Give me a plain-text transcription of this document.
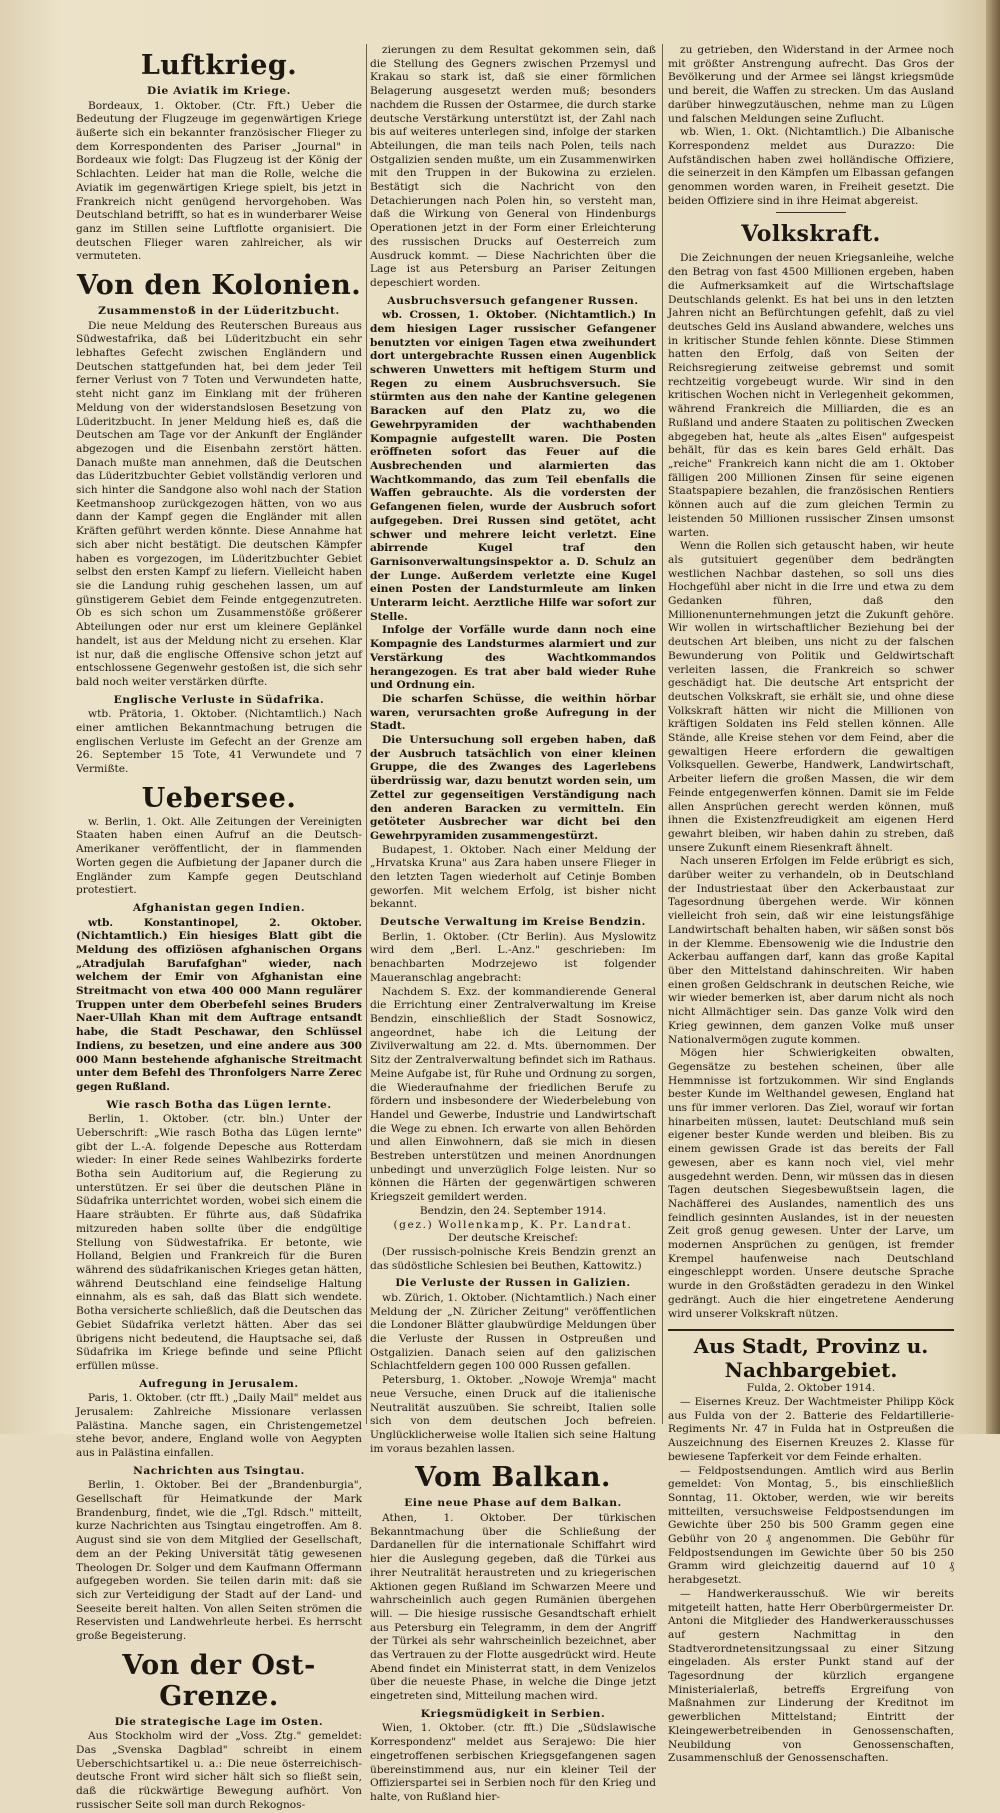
Luftkrieg.
Die Aviatik im Kriege.

Bordeaux, 1. Oktober. (Ctr. Fft.) Ueber die Bedeutung der Flugzeuge im gegenwärtigen Kriege äußerte sich ein bekannter französischer Flieger zu dem Korrespondenten des Pariser „Journal" in Bordeaux wie folgt: Das Flugzeug ist der König der Schlachten. Leider hat man die Rolle, welche die Aviatik im gegenwärtigen Kriege spielt, bis jetzt in Frankreich nicht genügend hervorgehoben. Was Deutschland betrifft, so hat es in wunderbarer Weise ganz im Stillen seine Luftflotte organisiert. Die deutschen Flieger waren zahlreicher, als wir vermuteten.

Von den Kolonien.
Zusammenstoß in der Lüderitzbucht.

Die neue Meldung des Reuterschen Bureaus aus Südwestafrika, daß bei Lüderitzbucht ein sehr lebhaftes Gefecht zwischen Engländern und Deutschen stattgefunden hat, bei dem jeder Teil ferner Verlust von 7 Toten und Verwundeten hatte, steht nicht ganz im Einklang mit der früheren Meldung von der widerstandslosen Besetzung von Lüderitzbucht. In jener Meldung hieß es, daß die Deutschen am Tage vor der Ankunft der Engländer abgezogen und die Eisenbahn zerstört hätten. Danach mußte man annehmen, daß die Deutschen das Lüderitzbuchter Gebiet vollständig verloren und sich hinter die Sandgone also wohl nach der Station Keetmanshoop zurückgezogen hätten, von wo aus dann der Kampf gegen die Engländer mit allen Kräften geführt werden könnte. Diese Annahme hat sich aber nicht bestätigt. Die deutschen Kämpfer haben es vorgezogen, im Lüderitzbuchter Gebiet selbst den ersten Kampf zu liefern. Vielleicht haben sie die Landung ruhig geschehen lassen, um auf günstigerem Gebiet dem Feinde entgegenzutreten. Ob es sich schon um Zusammenstöße größerer Abteilungen oder nur erst um kleinere Geplänkel handelt, ist aus der Meldung nicht zu ersehen. Klar ist nur, daß die englische Offensive schon jetzt auf entschlossene Gegenwehr gestoßen ist, die sich sehr bald noch weiter verstärken dürfte.

Englische Verluste in Südafrika.

wtb. Prätoria, 1. Oktober. (Nichtamtlich.) Nach einer amtlichen Bekanntmachung betrugen die englischen Verluste im Gefecht an der Grenze am 26. September 15 Tote, 41 Verwundete und 7 Vermißte.

Uebersee.

w. Berlin, 1. Okt. Alle Zeitungen der Vereinigten Staaten haben einen Aufruf an die Deutsch-Amerikaner veröffentlicht, der in flammenden Worten gegen die Aufbietung der Japaner durch die Engländer zum Kampfe gegen Deutschland protestiert.

Afghanistan gegen Indien.

wtb. Konstantinopel, 2. Oktober. (Nichtamtlich.) Ein hiesiges Blatt gibt die Meldung des offiziösen afghanischen Organs „Atradjulah Barufafghan" wieder, nach welchem der Emir von Afghanistan eine Streitmacht von etwa 400 000 Mann regulärer Truppen unter dem Oberbefehl seines Bruders Naer-Ullah Khan mit dem Auftrage entsandt habe, die Stadt Peschawar, den Schlüssel Indiens, zu besetzen, und eine andere aus 300 000 Mann bestehende afghanische Streitmacht unter dem Befehl des Thronfolgers Narre Zerec gegen Rußland.

Wie rasch Botha das Lügen lernte.

Berlin, 1. Oktober. (ctr. bln.) Unter der Ueberschrift: „Wie rasch Botha das Lügen lernte" gibt der L.-A. folgende Depesche aus Rotterdam wieder: In einer Rede seines Wahlbezirks forderte Botha sein Auditorium auf, die Regierung zu unterstützen. Er sei über die deutschen Pläne in Südafrika unterrichtet worden, wobei sich einem die Haare sträubten. Er führte aus, daß Südafrika mitzureden haben sollte über die endgültige Stellung von Südwestafrika. Er betonte, wie Holland, Belgien und Frankreich für die Buren während des südafrikanischen Krieges getan hätten, während Deutschland eine feindselige Haltung einnahm, als es sah, daß das Blatt sich wendete. Botha versicherte schließlich, daß die Deutschen das Gebiet Südafrika verletzt hätten. Aber das sei übrigens nicht bedeutend, die Hauptsache sei, daß Südafrika im Kriege befinde und seine Pflicht erfüllen müsse.

Aufregung in Jerusalem.

Paris, 1. Oktober. (ctr fft.) „Daily Mail" meldet aus Jerusalem: Zahlreiche Missionare verlassen Palästina. Manche sagen, ein Christengemetzel stehe bevor, andere, England wolle von Aegypten aus in Palästina einfallen.

Nachrichten aus Tsingtau.

Berlin, 1. Oktober. Bei der „Brandenburgia", Gesellschaft für Heimatkunde der Mark Brandenburg, findet, wie die „Tgl. Rdsch." mitteilt, kurze Nachrichten aus Tsingtau eingetroffen. Am 8. August sind sie von dem Mitglied der Gesellschaft, dem an der Peking Universität tätig gewesenen Theologen Dr. Solger und dem Kaufmann Offermann aufgegeben worden. Sie teilen darin mit: daß sie sich zur Verteidigung der Stadt auf der Land- und Seeseite bereit halten. Von allen Seiten strömen die Reservisten und Landwehrleute herbei. Es herrscht große Begeisterung.

Von der Ost-Grenze.
Die strategische Lage im Osten.

Aus Stockholm wird der „Voss. Ztg." gemeldet: Das „Svenska Dagblad" schreibt in einem Ueberschichtsartikel u. a.: Die neue österreichisch-deutsche Front wird sicher hält sich so fließt sein, daß die rückwärtige Bewegung aufhört. Von russischer Seite soll man durch Rekognos-

zierungen zu dem Resultat gekommen sein, daß die Stellung des Gegners zwischen Przemysl und Krakau so stark ist, daß sie einer förmlichen Belagerung ausgesetzt werden muß; besonders nachdem die Russen der Ostarmee, die durch starke deutsche Verstärkung unterstützt ist, der Zahl nach bis auf weiteres unterlegen sind, infolge der starken Abteilungen, die man teils nach Polen, teils nach Ostgalizien senden mußte, um ein Zusammenwirken mit den Truppen in der Bukowina zu erzielen. Bestätigt sich die Nachricht von den Detachierungen nach Polen hin, so versteht man, daß die Wirkung von General von Hindenburgs Operationen jetzt in der Form einer Erleichterung des russischen Drucks auf Oesterreich zum Ausdruck kommt. — Diese Nachrichten über die Lage ist aus Petersburg an Pariser Zeitungen depeschiert worden.

Ausbruchsversuch gefangener Russen.

wb. Crossen, 1. Oktober. (Nichtamtlich.) In dem hiesigen Lager russischer Gefangener benutzten vor einigen Tagen etwa zweihundert dort untergebrachte Russen einen Augenblick schweren Unwetters mit heftigem Sturm und Regen zu einem Ausbruchsversuch. Sie stürmten aus den nahe der Kantine gelegenen Baracken auf den Platz zu, wo die Gewehrpyramiden der wachthabenden Kompagnie aufgestellt waren. Die Posten eröffneten sofort das Feuer auf die Ausbrechenden und alarmierten das Wachtkommando, das zum Teil ebenfalls die Waffen gebrauchte. Als die vordersten der Gefangenen fielen, wurde der Ausbruch sofort aufgegeben. Drei Russen sind getötet, acht schwer und mehrere leicht verletzt. Eine abirrende Kugel traf den Garnisonverwaltungsinspektor a. D. Schulz an der Lunge. Außerdem verletzte eine Kugel einen Posten der Landsturmleute am linken Unterarm leicht. Aerztliche Hilfe war sofort zur Stelle.

Infolge der Vorfälle wurde dann noch eine Kompagnie des Landsturmes alarmiert und zur Verstärkung des Wachtkommandos herangezogen. Es trat aber bald wieder Ruhe und Ordnung ein.

Die scharfen Schüsse, die weithin hörbar waren, verursachten große Aufregung in der Stadt.

Die Untersuchung soll ergeben haben, daß der Ausbruch tatsächlich von einer kleinen Gruppe, die des Zwanges des Lagerlebens überdrüssig war, dazu benutzt worden sein, um Zettel zur gegenseitigen Verständigung nach den anderen Baracken zu vermitteln. Ein getöteter Ausbrecher war dicht bei den Gewehrpyramiden zusammengestürzt.

Budapest, 1. Oktober. Nach einer Meldung der „Hrvatska Kruna" aus Zara haben unsere Flieger in den letzten Tagen wiederholt auf Cetinje Bomben geworfen. Mit welchem Erfolg, ist bisher nicht bekannt.

Deutsche Verwaltung im Kreise Bendzin.

Berlin, 1. Oktober. (Ctr Berlin). Aus Myslowitz wird dem „Berl. L.-Anz." geschrieben: Im benachbarten Modrzejewo ist folgender Maueranschlag angebracht:

Nachdem S. Exz. der kommandierende General die Errichtung einer Zentralverwaltung im Kreise Bendzin, einschließlich der Stadt Sosnowicz, angeordnet, habe ich die Leitung der Zivilverwaltung am 22. d. Mts. übernommen. Der Sitz der Zentralverwaltung befindet sich im Rathaus. Meine Aufgabe ist, für Ruhe und Ordnung zu sorgen, die Wiederaufnahme der friedlichen Berufe zu fördern und insbesondere der Wiederbelebung von Handel und Gewerbe, Industrie und Landwirtschaft die Wege zu ebnen. Ich erwarte von allen Behörden und allen Einwohnern, daß sie mich in diesen Bestreben unterstützen und meinen Anordnungen unbedingt und unverzüglich Folge leisten. Nur so können die Härten der gegenwärtigen schweren Kriegszeit gemildert werden.

Bendzin, den 24. September 1914.

(gez.) Wollenkamp, K. Pr. Landrat.

Der deutsche Kreischef:

(Der russisch-polnische Kreis Bendzin grenzt an das südöstliche Schlesien bei Beuthen, Kattowitz.)

Die Verluste der Russen in Galizien.

wb. Zürich, 1. Oktober. (Nichtamtlich.) Nach einer Meldung der „N. Züricher Zeitung" veröffentlichen die Londoner Blätter glaubwürdige Meldungen über die Verluste der Russen in Ostpreußen und Ostgalizien. Danach seien auf den galizischen Schlachtfeldern gegen 100 000 Russen gefallen.

Petersburg, 1. Oktober. „Nowoje Wremja" macht neue Versuche, einen Druck auf die italienische Neutralität auszuüben. Sie schreibt, Italien solle sich von dem deutschen Joch befreien. Unglücklicherweise wolle Italien sich seine Haltung im voraus bezahlen lassen.

Vom Balkan.
Eine neue Phase auf dem Balkan.

Athen, 1. Oktober. Der türkischen Bekanntmachung über die Schließung der Dardanellen für die internationale Schiffahrt wird hier die Auslegung gegeben, daß die Türkei aus ihrer Neutralität heraustreten und zu kriegerischen Aktionen gegen Rußland im Schwarzen Meere und wahrscheinlich auch gegen Rumänien übergehen will. — Die hiesige russische Gesandtschaft erhielt aus Petersburg ein Telegramm, in dem der Angriff der Türkei als sehr wahrscheinlich bezeichnet, aber das Vertrauen zu der Flotte ausgedrückt wird. Heute Abend findet ein Ministerrat statt, in dem Venizelos über die neueste Phase, in welche die Dinge jetzt eingetreten sind, Mitteilung machen wird.

Kriegsmüdigkeit in Serbien.

Wien, 1. Oktober. (ctr. fft.) Die „Südslawische Korrespondenz" meldet aus Serajewo: Die hier eingetroffenen serbischen Kriegsgefangenen sagen übereinstimmend aus, nur ein kleiner Teil der Offizierspartei sei in Serbien noch für den Krieg und halte, von Rußland hier-

zu getrieben, den Widerstand in der Armee noch mit größter Anstrengung aufrecht. Das Gros der Bevölkerung und der Armee sei längst kriegsmüde und bereit, die Waffen zu strecken. Um das Ausland darüber hinwegzutäuschen, nehme man zu Lügen und falschen Meldungen seine Zuflucht.

wb. Wien, 1. Okt. (Nichtamtlich.) Die Albanische Korrespondenz meldet aus Durazzo: Die Aufständischen haben zwei holländische Offiziere, die seinerzeit in den Kämpfen um Elbassan gefangen genommen worden waren, in Freiheit gesetzt. Die beiden Offiziere sind in ihre Heimat abgereist.

Volkskraft.

Die Zeichnungen der neuen Kriegsanleihe, welche den Betrag von fast 4500 Millionen ergeben, haben die Aufmerksamkeit auf die Wirtschaftslage Deutschlands gelenkt. Es hat bei uns in den letzten Jahren nicht an Befürchtungen gefehlt, daß zu viel deutsches Geld ins Ausland abwandere, welches uns in kritischer Stunde fehlen könnte. Diese Stimmen hatten den Erfolg, daß von Seiten der Reichsregierung zeitweise gebremst und somit rechtzeitig vorgebeugt wurde. Wir sind in den kritischen Wochen nicht in Verlegenheit gekommen, während Frankreich die Milliarden, die es an Rußland und andere Staaten zu politischen Zwecken abgegeben hat, heute als „altes Eisen" aufgespeist behält, für das es kein bares Geld erhält. Das „reiche" Frankreich kann nicht die am 1. Oktober fälligen 200 Millionen Zinsen für seine eigenen Staatspapiere bezahlen, die französischen Rentiers können auch auf die zum gleichen Termin zu leistenden 50 Millionen russischer Zinsen umsonst warten.

Wenn die Rollen sich getauscht haben, wir heute als gutsituiert gegenüber dem bedrängten westlichen Nachbar dastehen, so soll uns dies Hochgefühl aber nicht in die Irre und etwa zu dem Gedanken führen, daß den Millionenunternehmungen jetzt die Zukunft gehöre. Wir wollen in wirtschaftlicher Beziehung bei der deutschen Art bleiben, uns nicht zu der falschen Bewunderung von Politik und Geldwirtschaft verleiten lassen, die Frankreich so schwer geschädigt hat. Die deutsche Art entspricht der deutschen Volkskraft, sie erhält sie, und ohne diese Volkskraft hätten wir nicht die Millionen von kräftigen Soldaten ins Feld stellen können. Alle Stände, alle Kreise stehen vor dem Feind, aber die gewaltigen Heere erfordern die gewaltigen Volksquellen. Gewerbe, Handwerk, Landwirtschaft, Arbeiter liefern die großen Massen, die wir dem Feinde entgegenwerfen können. Damit sie im Felde allen Ansprüchen gerecht werden können, muß ihnen die Existenzfreudigkeit am eigenen Herd gewahrt bleiben, wir haben dahin zu streben, daß unsere Zukunft einem Riesenkraft ähnelt.

Nach unseren Erfolgen im Felde erübrigt es sich, darüber weiter zu verhandeln, ob in Deutschland der Industriestaat über den Ackerbaustaat zur Tagesordnung übergehen werde. Wir können vielleicht froh sein, daß wir eine leistungsfähige Landwirtschaft behalten haben, wir säßen sonst bös in der Klemme. Ebensowenig wie die Industrie den Ackerbau auffangen darf, kann das große Kapital über den Mittelstand dahinschreiten. Wir haben einen großen Geldschrank in deutschen Reiche, wie wir wieder bemerken ist, aber darum nicht als noch nicht Allmächtiger sein. Das ganze Volk wird den Krieg gewinnen, dem ganzen Volke muß unser Nationalvermögen zugute kommen.

Mögen hier Schwierigkeiten obwalten, Gegensätze zu bestehen scheinen, über alle Hemmnisse ist fortzukommen. Wir sind Englands bester Kunde im Welthandel gewesen, England hat uns für immer verloren. Das Ziel, worauf wir fortan hinarbeiten müssen, lautet: Deutschland muß sein eigener bester Kunde werden und bleiben. Bis zu einem gewissen Grade ist das bereits der Fall gewesen, aber es kann noch viel, viel mehr ausgedehnt werden. Denn, wir müssen das in diesen Tagen deutschen Siegesbewußtsein lagen, die Nachäfferei des Auslandes, namentlich des uns feindlich gesinnten Auslandes, ist in der neuesten Zeit groß genug gewesen. Unter der Larve, um modernen Ansprüchen zu genügen, ist fremder Krempel haufenweise nach Deutschland eingeschleppt worden. Unsere deutsche Sprache wurde in den Großstädten geradezu in den Winkel gedrängt. Auch die hier eingetretene Aenderung wird unserer Volkskraft nützen.

Aus Stadt, Provinz u. Nachbargebiet.

Fulda, 2. Oktober 1914.

— Eisernes Kreuz. Der Wachtmeister Philipp Köck aus Fulda von der 2. Batterie des Feldartillerie-Regiments Nr. 47 in Fulda hat in Ostpreußen die Auszeichnung des Eisernen Kreuzes 2. Klasse für bewiesene Tapferkeit vor dem Feinde erhalten.

— Feldpostsendungen. Amtlich wird aus Berlin gemeldet: Von Montag, 5., bis einschließlich Sonntag, 11. Oktober, werden, wie wir bereits mitteilten, versuchsweise Feldpostsendungen im Gewichte über 250 bis 500 Gramm gegen eine Gebühr von 20 ₰ angenommen. Die Gebühr für Feldpostsendungen im Gewichte über 50 bis 250 Gramm wird gleichzeitig dauernd auf 10 ₰ herabgesetzt.

— Handwerkerausschuß. Wie wir bereits mitgeteilt hatten, hatte Herr Oberbürgermeister Dr. Antoni die Mitglieder des Handwerkerausschusses auf gestern Nachmittag in den Stadtverordnetensitzungssaal zu einer Sitzung eingeladen. Als erster Punkt stand auf der Tagesordnung der kürzlich ergangene Ministerialerlaß, betreffs Ergreifung von Maßnahmen zur Linderung der Kreditnot im gewerblichen Mittelstand; Eintritt der Kleingewerbetreibenden in Genossenschaften, Neubildung von Genossenschaften, Zusammenschluß der Genossenschaften.
